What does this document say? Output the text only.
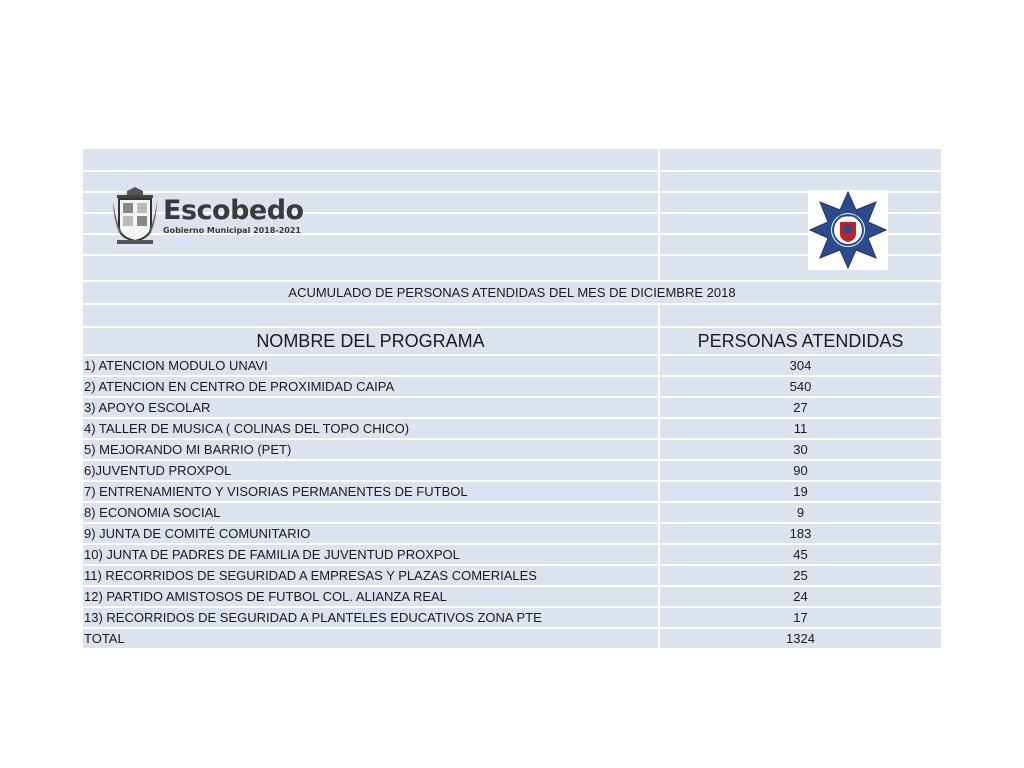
Escobedo
Gobierno Municipal 2018-2021
SEGURIDAD PUBLICA
ACUMULADO DE PERSONAS ATENDIDAS DEL MES DE DICIEMBRE 2018
NOMBRE DEL PROGRAMA	PERSONAS ATENDIDAS
1) ATENCION MODULO UNAVI	304
2) ATENCION EN CENTRO DE PROXIMIDAD CAIPA	540
3) APOYO ESCOLAR	27
4) TALLER DE MUSICA ( COLINAS DEL TOPO CHICO)	11
5) MEJORANDO MI BARRIO (PET)	30
6)JUVENTUD PROXPOL	90
7) ENTRENAMIENTO Y VISORIAS PERMANENTES DE FUTBOL	19
8) ECONOMIA SOCIAL	9
9) JUNTA DE COMITÉ COMUNITARIO	183
10) JUNTA DE PADRES DE FAMILIA DE JUVENTUD PROXPOL	45
11) RECORRIDOS DE SEGURIDAD A EMPRESAS Y PLAZAS COMERIALES	25
12) PARTIDO AMISTOSOS DE FUTBOL COL. ALIANZA REAL	24
13) RECORRIDOS DE SEGURIDAD A PLANTELES EDUCATIVOS ZONA PTE	17
TOTAL	1324
